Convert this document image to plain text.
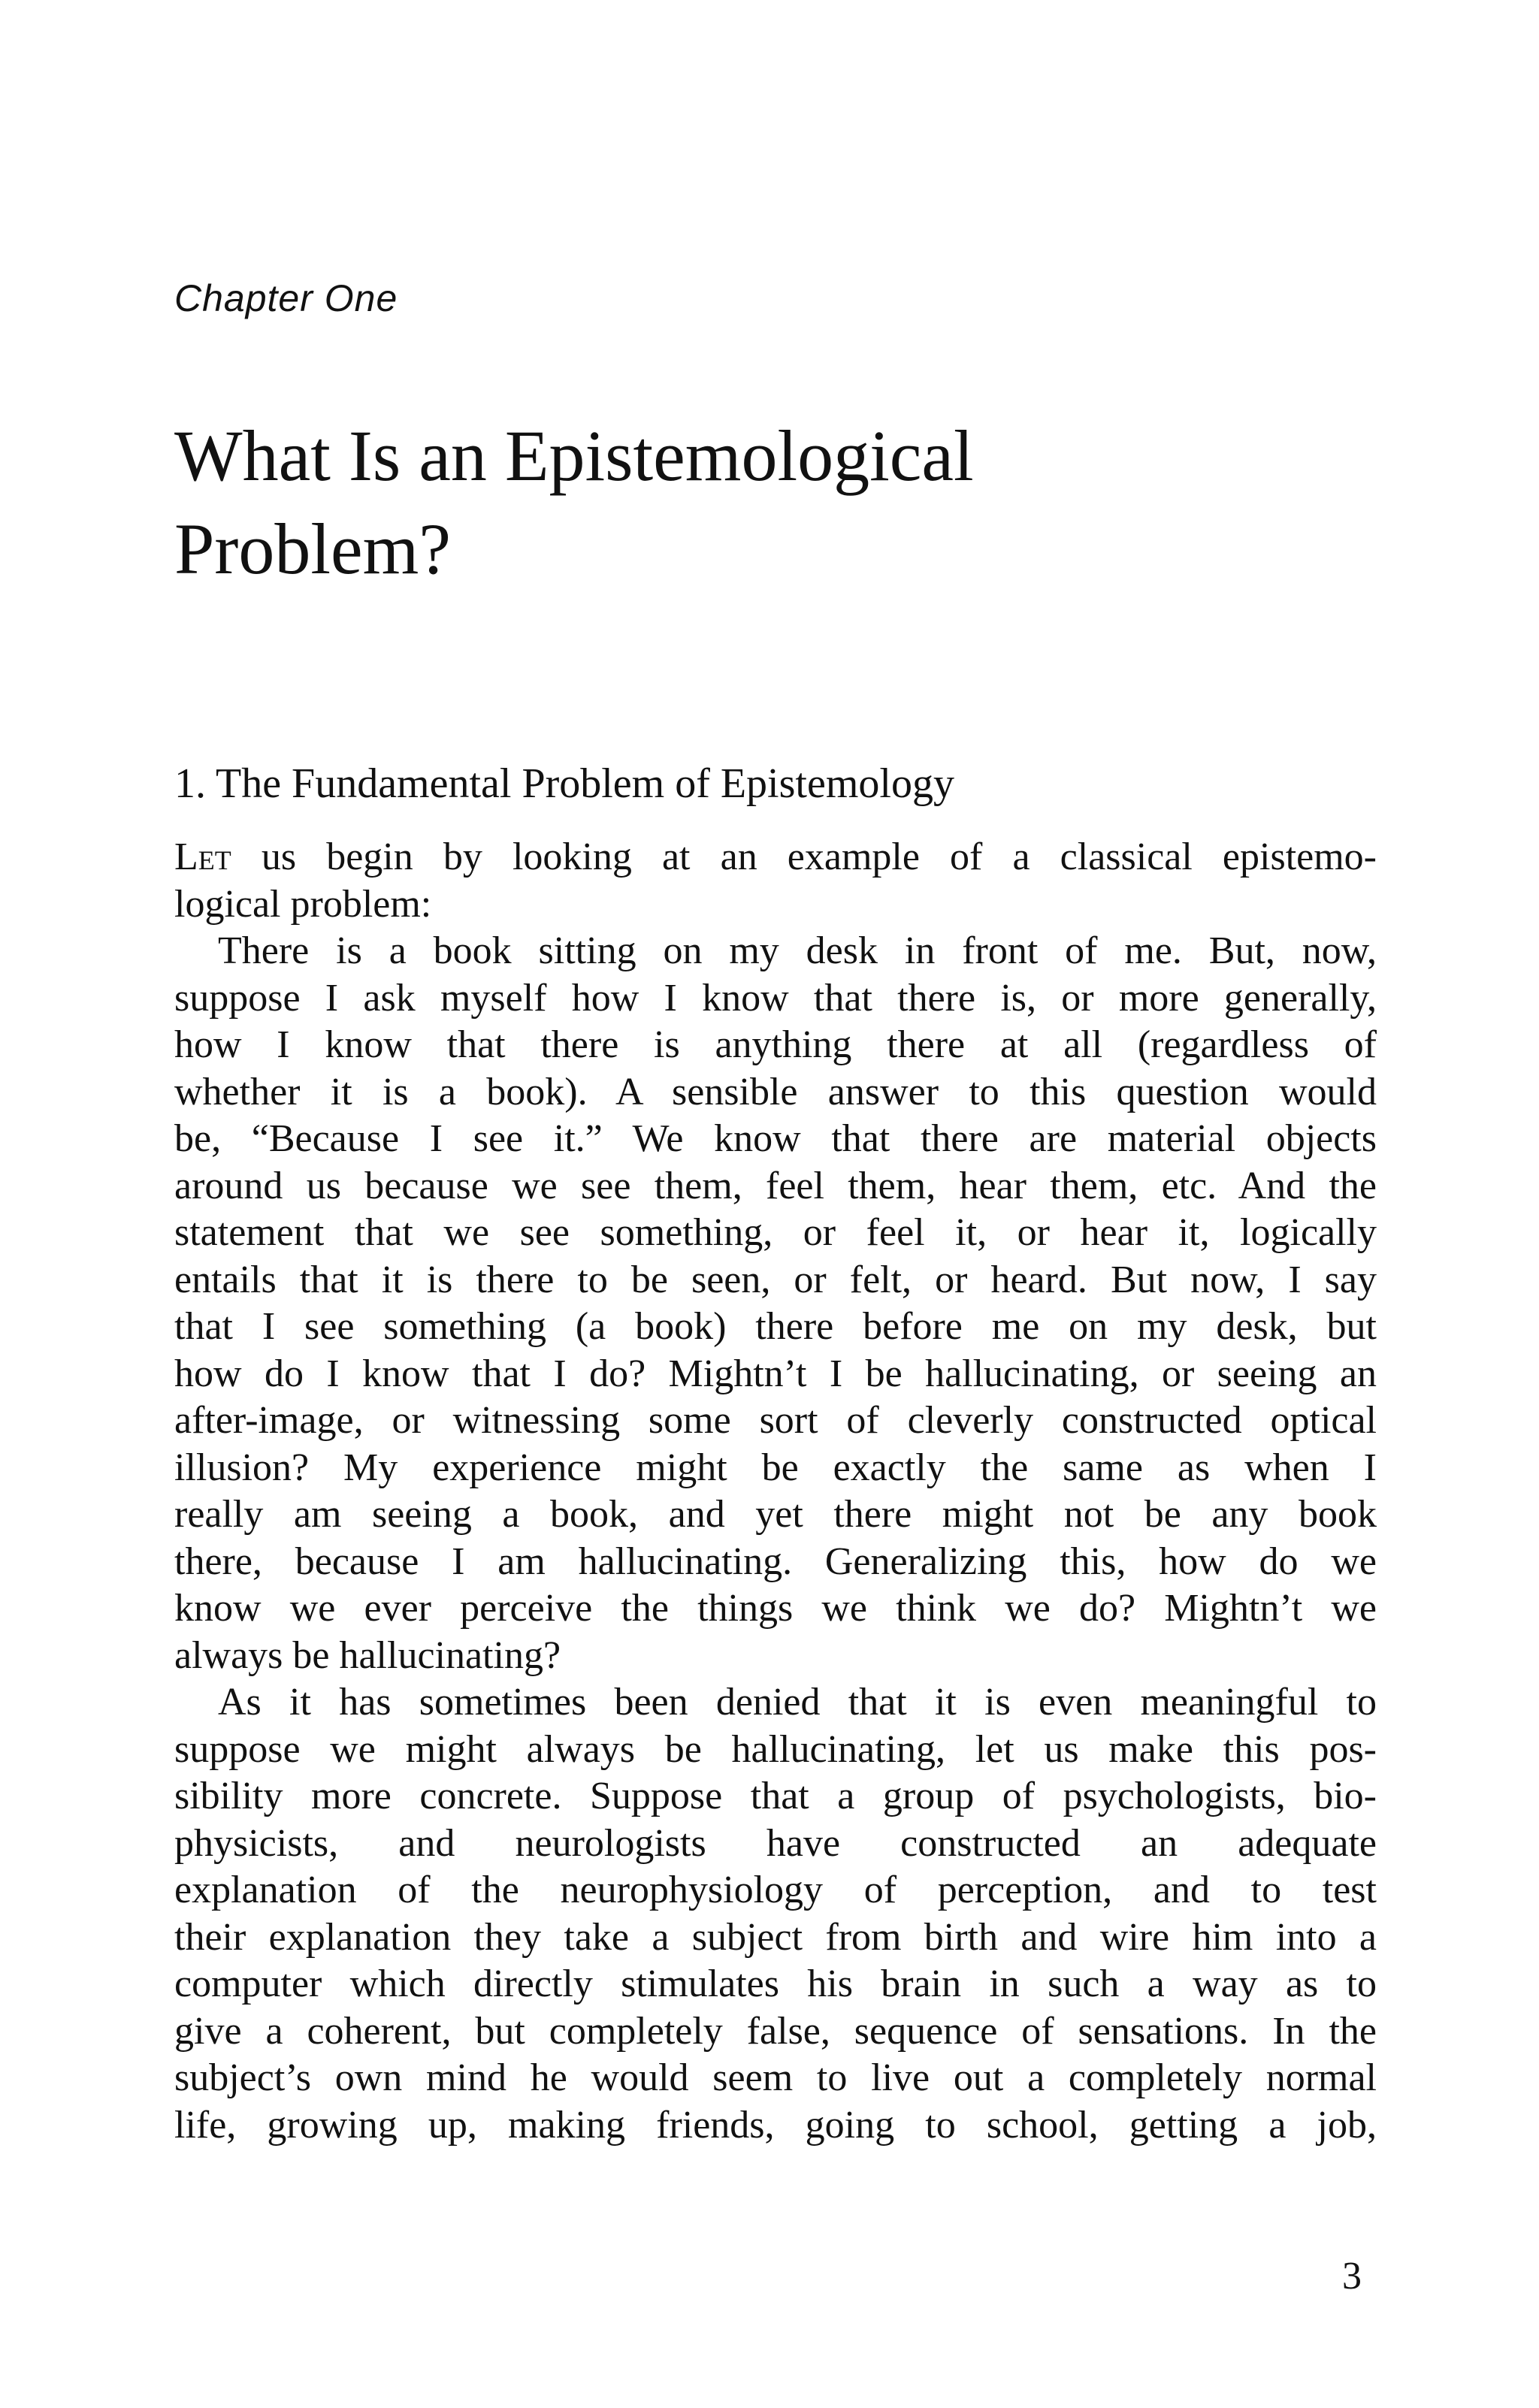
Chapter One
What Is an Epistemological
Problem?
1. The Fundamental Problem of Epistemology
Let us begin by looking at an example of a classical epistemo-
logical problem:
There is a book sitting on my desk in front of me. But, now,
suppose I ask myself how I know that there is, or more generally,
how I know that there is anything there at all (regardless of
whether it is a book). A sensible answer to this question would
be, “Because I see it.” We know that there are material objects
around us because we see them, feel them, hear them, etc. And the
statement that we see something, or feel it, or hear it, logically
entails that it is there to be seen, or felt, or heard. But now, I say
that I see something (a book) there before me on my desk, but
how do I know that I do? Mightn’t I be hallucinating, or seeing an
after-image, or witnessing some sort of cleverly constructed optical
illusion? My experience might be exactly the same as when I
really am seeing a book, and yet there might not be any book
there, because I am hallucinating. Generalizing this, how do we
know we ever perceive the things we think we do? Mightn’t we
always be hallucinating?
As it has sometimes been denied that it is even meaningful to
suppose we might always be hallucinating, let us make this pos-
sibility more concrete. Suppose that a group of psychologists, bio-
physicists, and neurologists have constructed an adequate
explanation of the neurophysiology of perception, and to test
their explanation they take a subject from birth and wire him into a
computer which directly stimulates his brain in such a way as to
give a coherent, but completely false, sequence of sensations. In the
subject’s own mind he would seem to live out a completely normal
life, growing up, making friends, going to school, getting a job,
3
